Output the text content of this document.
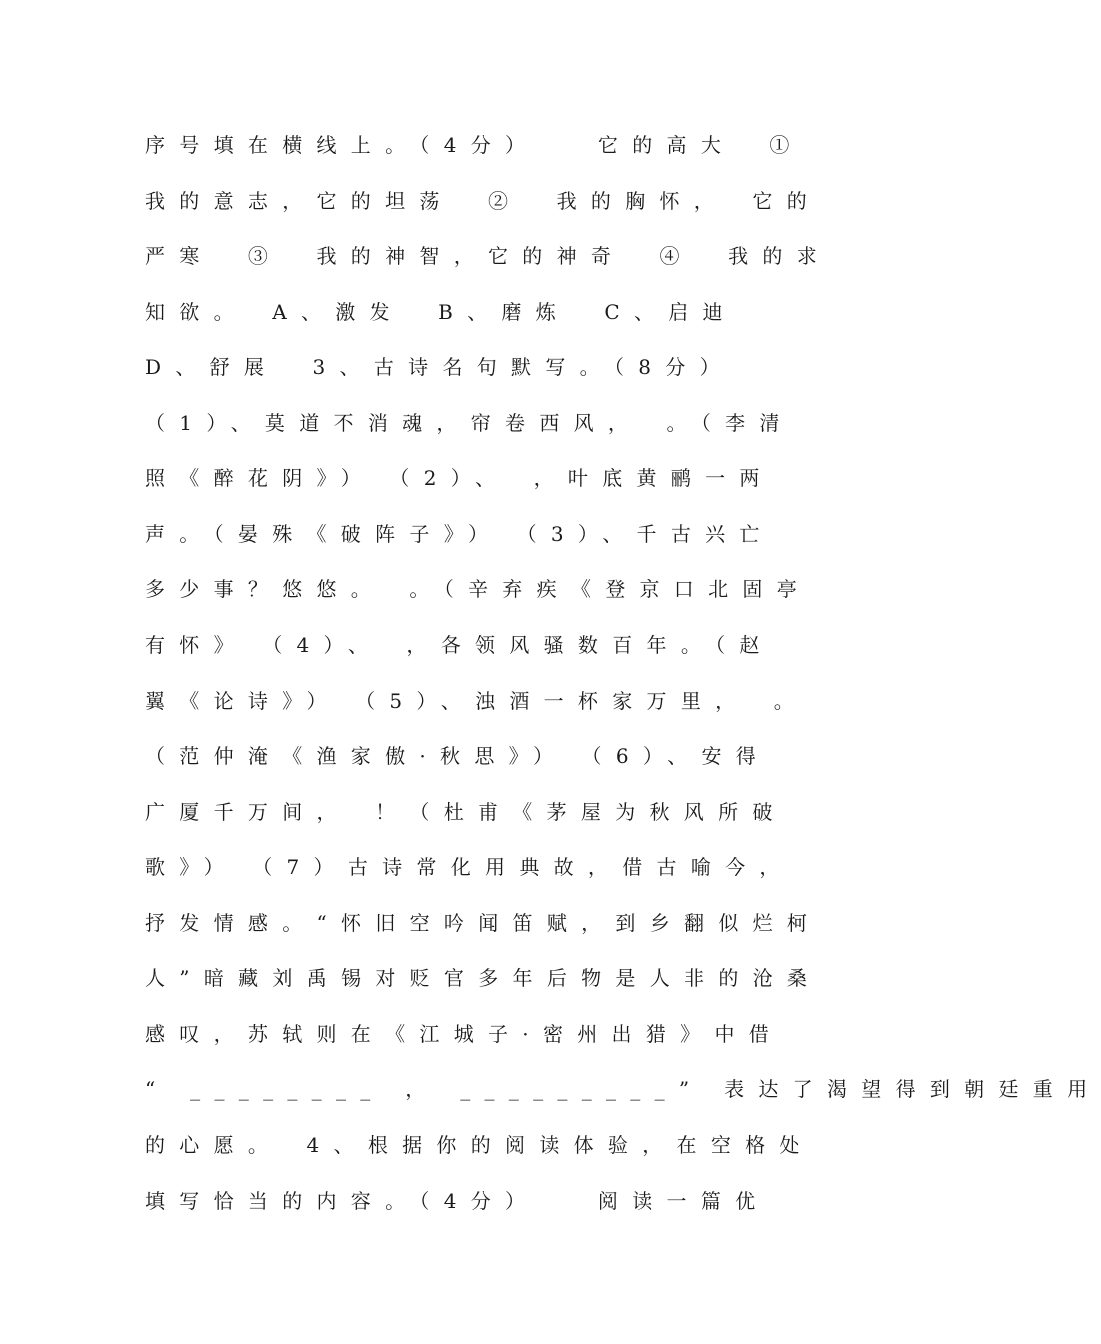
序号填在横线上。（4分）　　它的高大　①
我的意志，它的坦荡　②　我的胸怀，　它的
严寒　③　我的神智，它的神奇　④　我的求
知欲。　A、激发　B、磨炼　C、启迪
D、舒展　3、古诗名句默写。（8分）
（1）、莫道不消魂，帘卷西风，　。（李清
照《醉花阴》）　（2）、　，叶底黄鹂一两
声。（晏殊《破阵子》）　（3）、千古兴亡
多少事？悠悠。　。（辛弃疾《登京口北固亭
有怀》　（4）、　，各领风骚数百年。（赵
翼《论诗》）　（5）、浊酒一杯家万里，　。
（范仲淹《渔家傲·秋思》）　（6）、安得
广厦千万间，　！（杜甫《茅屋为秋风所破
歌》）　（7）古诗常化用典故，借古喻今，
抒发情感。“怀旧空吟闻笛赋，到乡翻似烂柯
人”暗藏刘禹锡对贬官多年后物是人非的沧桑
感叹，苏轼则在《江城子·密州出猎》中借
“ ________ ， _________” 表达了渴望得到朝廷重用
的心愿。　4、根据你的阅读体验，在空格处
填写恰当的内容。（4分）　　阅读一篇优
